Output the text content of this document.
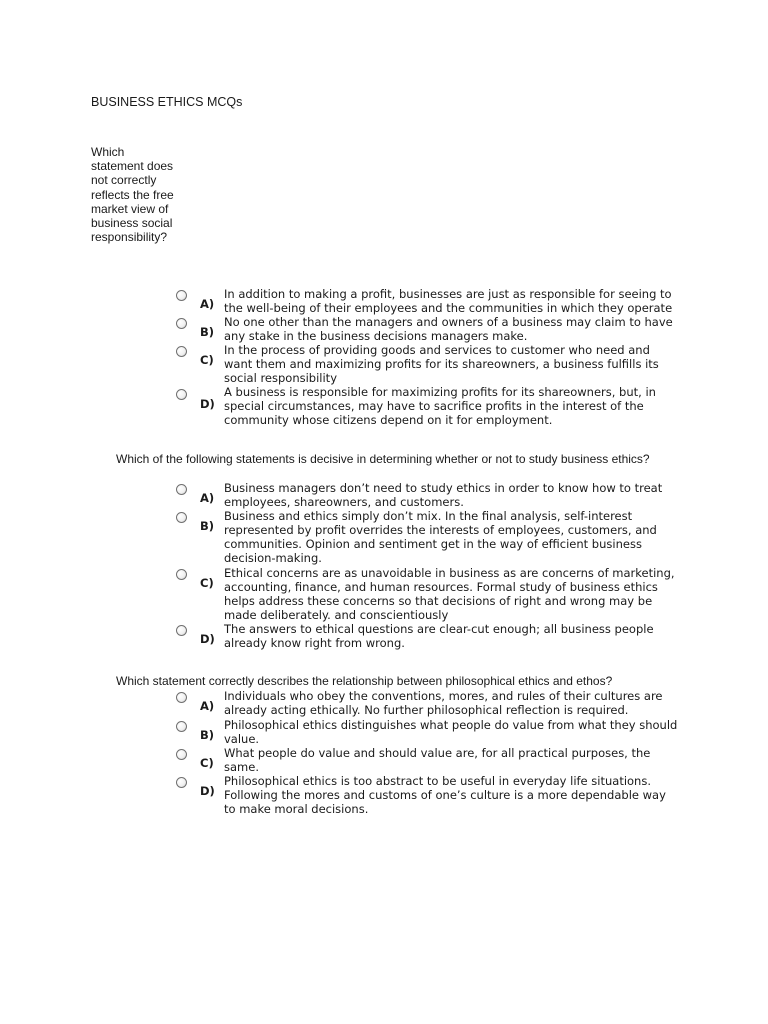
BUSINESS ETHICS MCQs
Which statement does not correctly reflects the free market view of business social responsibility?
A)
In addition to making a profit, businesses are just as responsible for seeing to the well-being of their employees and the communities in which they operate
B)
No one other than the managers and owners of a business may claim to have any stake in the business decisions managers make.
C)
In the process of providing goods and services to customer who need and want them and maximizing profits for its shareowners, a business fulfills its social responsibility
D)
A business is responsible for maximizing profits for its shareowners, but, in special circumstances, may have to sacrifice profits in the interest of the community whose citizens depend on it for employment.
Which of the following statements is decisive in determining whether or not to study business ethics?
A)
Business managers don’t need to study ethics in order to know how to treat employees, shareowners, and customers.
B)
Business and ethics simply don’t mix. In the final analysis, self-interest represented by profit overrides the interests of employees, customers, and communities. Opinion and sentiment get in the way of efficient business decision-making.
C)
Ethical concerns are as unavoidable in business as are concerns of marketing, accounting, finance, and human resources. Formal study of business ethics helps address these concerns so that decisions of right and wrong may be made deliberately. and conscientiously
D)
The answers to ethical questions are clear-cut enough; all business people already know right from wrong.
Which statement correctly describes the relationship between philosophical ethics and ethos?
A)
Individuals who obey the conventions, mores, and rules of their cultures are already acting ethically. No further philosophical reflection is required.
B)
Philosophical ethics distinguishes what people do value from what they should value.
C)
What people do value and should value are, for all practical purposes, the same.
D)
Philosophical ethics is too abstract to be useful in everyday life situations. Following the mores and customs of one’s culture is a more dependable way to make moral decisions.
